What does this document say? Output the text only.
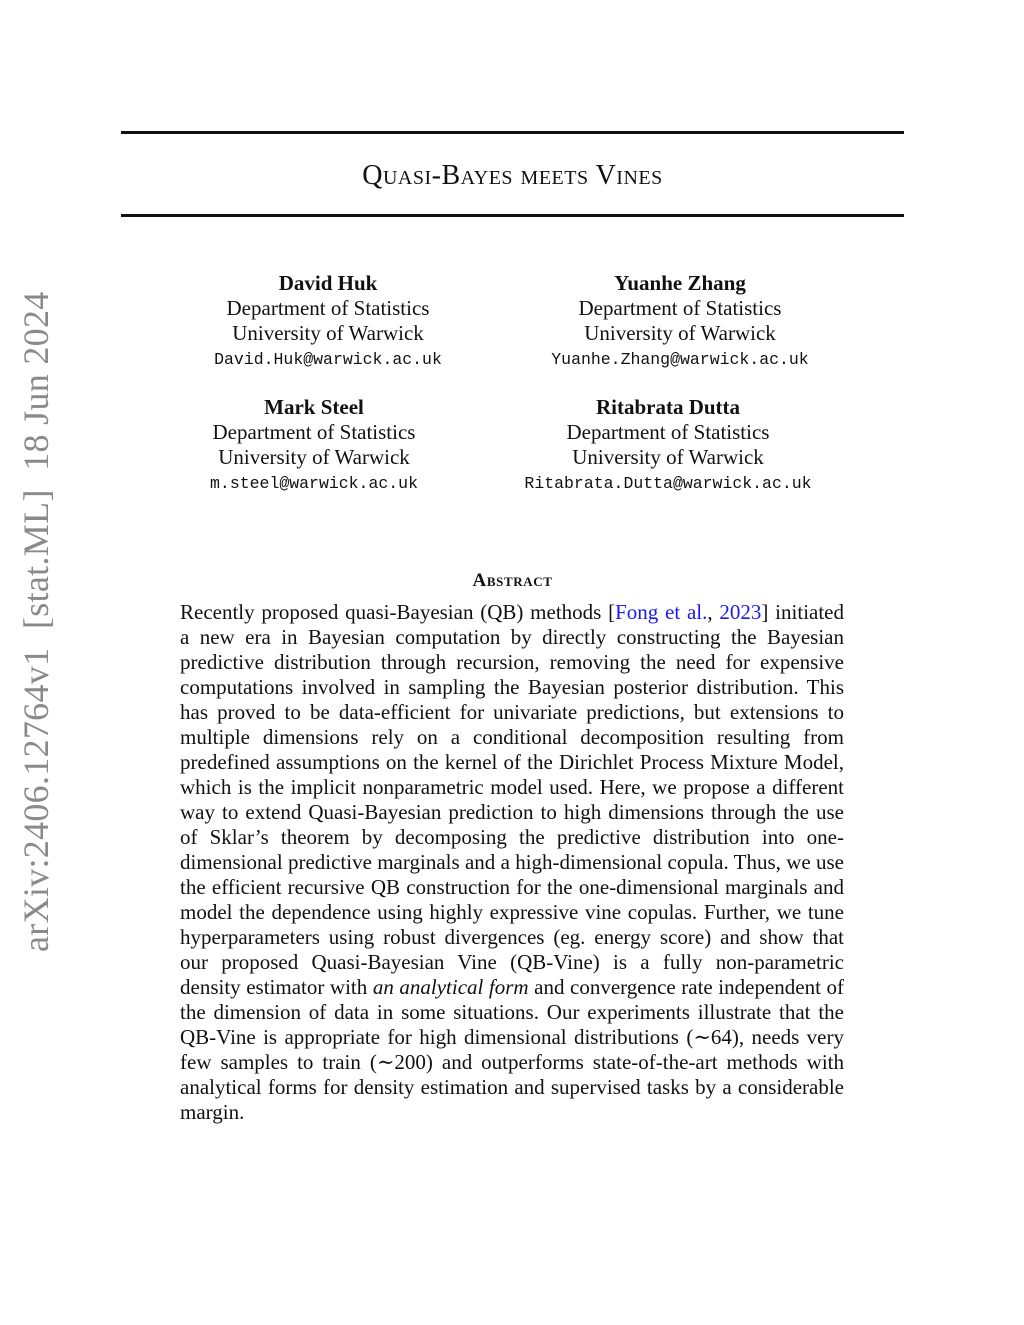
Quasi-Bayes meets Vines
David Huk
Department of Statistics
University of Warwick
David.Huk@warwick.ac.uk
Yuanhe Zhang
Department of Statistics
University of Warwick
Yuanhe.Zhang@warwick.ac.uk
Mark Steel
Department of Statistics
University of Warwick
m.steel@warwick.ac.uk
Ritabrata Dutta
Department of Statistics
University of Warwick
Ritabrata.Dutta@warwick.ac.uk
Abstract
Recently proposed quasi-Bayesian (QB) methods [Fong et al., 2023] initiated a new era in Bayesian computation by directly constructing the Bayesian predictive distribution through recursion, removing the need for expensive computations involved in sampling the Bayesian posterior distribution. This has proved to be data-efficient for univariate predictions, but extensions to multiple dimensions rely on a conditional decomposition resulting from predefined assumptions on the kernel of the Dirichlet Process Mixture Model, which is the implicit nonparametric model used. Here, we propose a different way to extend Quasi-Bayesian prediction to high dimensions through the use of Sklar’s theorem by decomposing the predictive distribution into one-dimensional predictive marginals and a high-dimensional copula. Thus, we use the efficient recursive QB construction for the one-dimensional marginals and model the dependence using highly expressive vine copulas. Further, we tune hyperparameters using robust divergences (eg. energy score) and show that our proposed Quasi-Bayesian Vine (QB-Vine) is a fully non-parametric density estimator with an analytical form and convergence rate independent of the dimension of data in some situations. Our experiments illustrate that the QB-Vine is appropriate for high dimensional distributions (∼64), needs very few samples to train (∼200) and outperforms state-of-the-art methods with analytical forms for density estimation and supervised tasks by a considerable margin.
arXiv:2406.12764v1  [stat.ML]  18 Jun 2024
